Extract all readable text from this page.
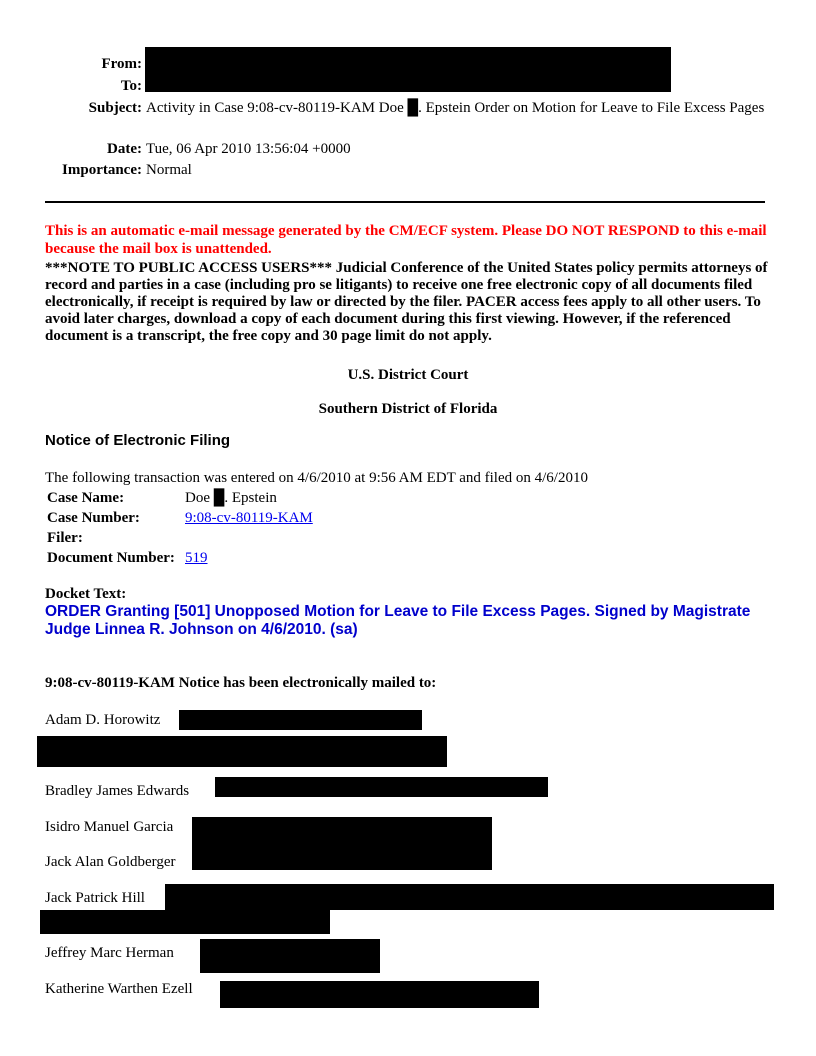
From:
To:
Subject: Activity in Case 9:08-cv-80119-KAM Doe █. Epstein Order on Motion for Leave to File Excess Pages
Date: Tue, 06 Apr 2010 13:56:04 +0000
Importance: Normal
This is an automatic e-mail message generated by the CM/ECF system. Please DO NOT RESPOND to this e-mail because the mail box is unattended.
***NOTE TO PUBLIC ACCESS USERS*** Judicial Conference of the United States policy permits attorneys of record and parties in a case (including pro se litigants) to receive one free electronic copy of all documents filed electronically, if receipt is required by law or directed by the filer. PACER access fees apply to all other users. To avoid later charges, download a copy of each document during this first viewing. However, if the referenced document is a transcript, the free copy and 30 page limit do not apply.
U.S. District Court
Southern District of Florida
Notice of Electronic Filing
The following transaction was entered on 4/6/2010 at 9:56 AM EDT and filed on 4/6/2010
Case Name:	Doe █. Epstein
Case Number:	9:08-cv-80119-KAM
Filer:
Document Number: 519
Docket Text:
ORDER Granting [501] Unopposed Motion for Leave to File Excess Pages. Signed by Magistrate Judge Linnea R. Johnson on 4/6/2010. (sa)
9:08-cv-80119-KAM Notice has been electronically mailed to:
Adam D. Horowitz
Bradley James Edwards
Isidro Manuel Garcia
Jack Alan Goldberger
Jack Patrick Hill
Jeffrey Marc Herman
Katherine Warthen Ezell
